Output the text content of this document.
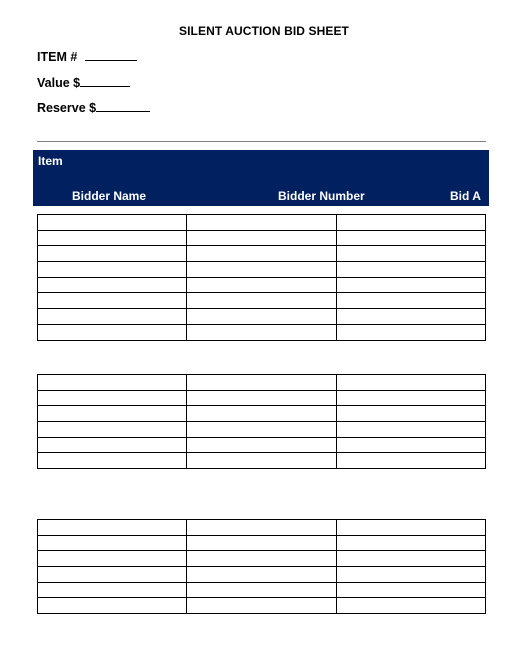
SILENT AUCTION BID SHEET
ITEM #
Value $
Reserve $
Item
Bidder Name	Bidder Number	Bid A
